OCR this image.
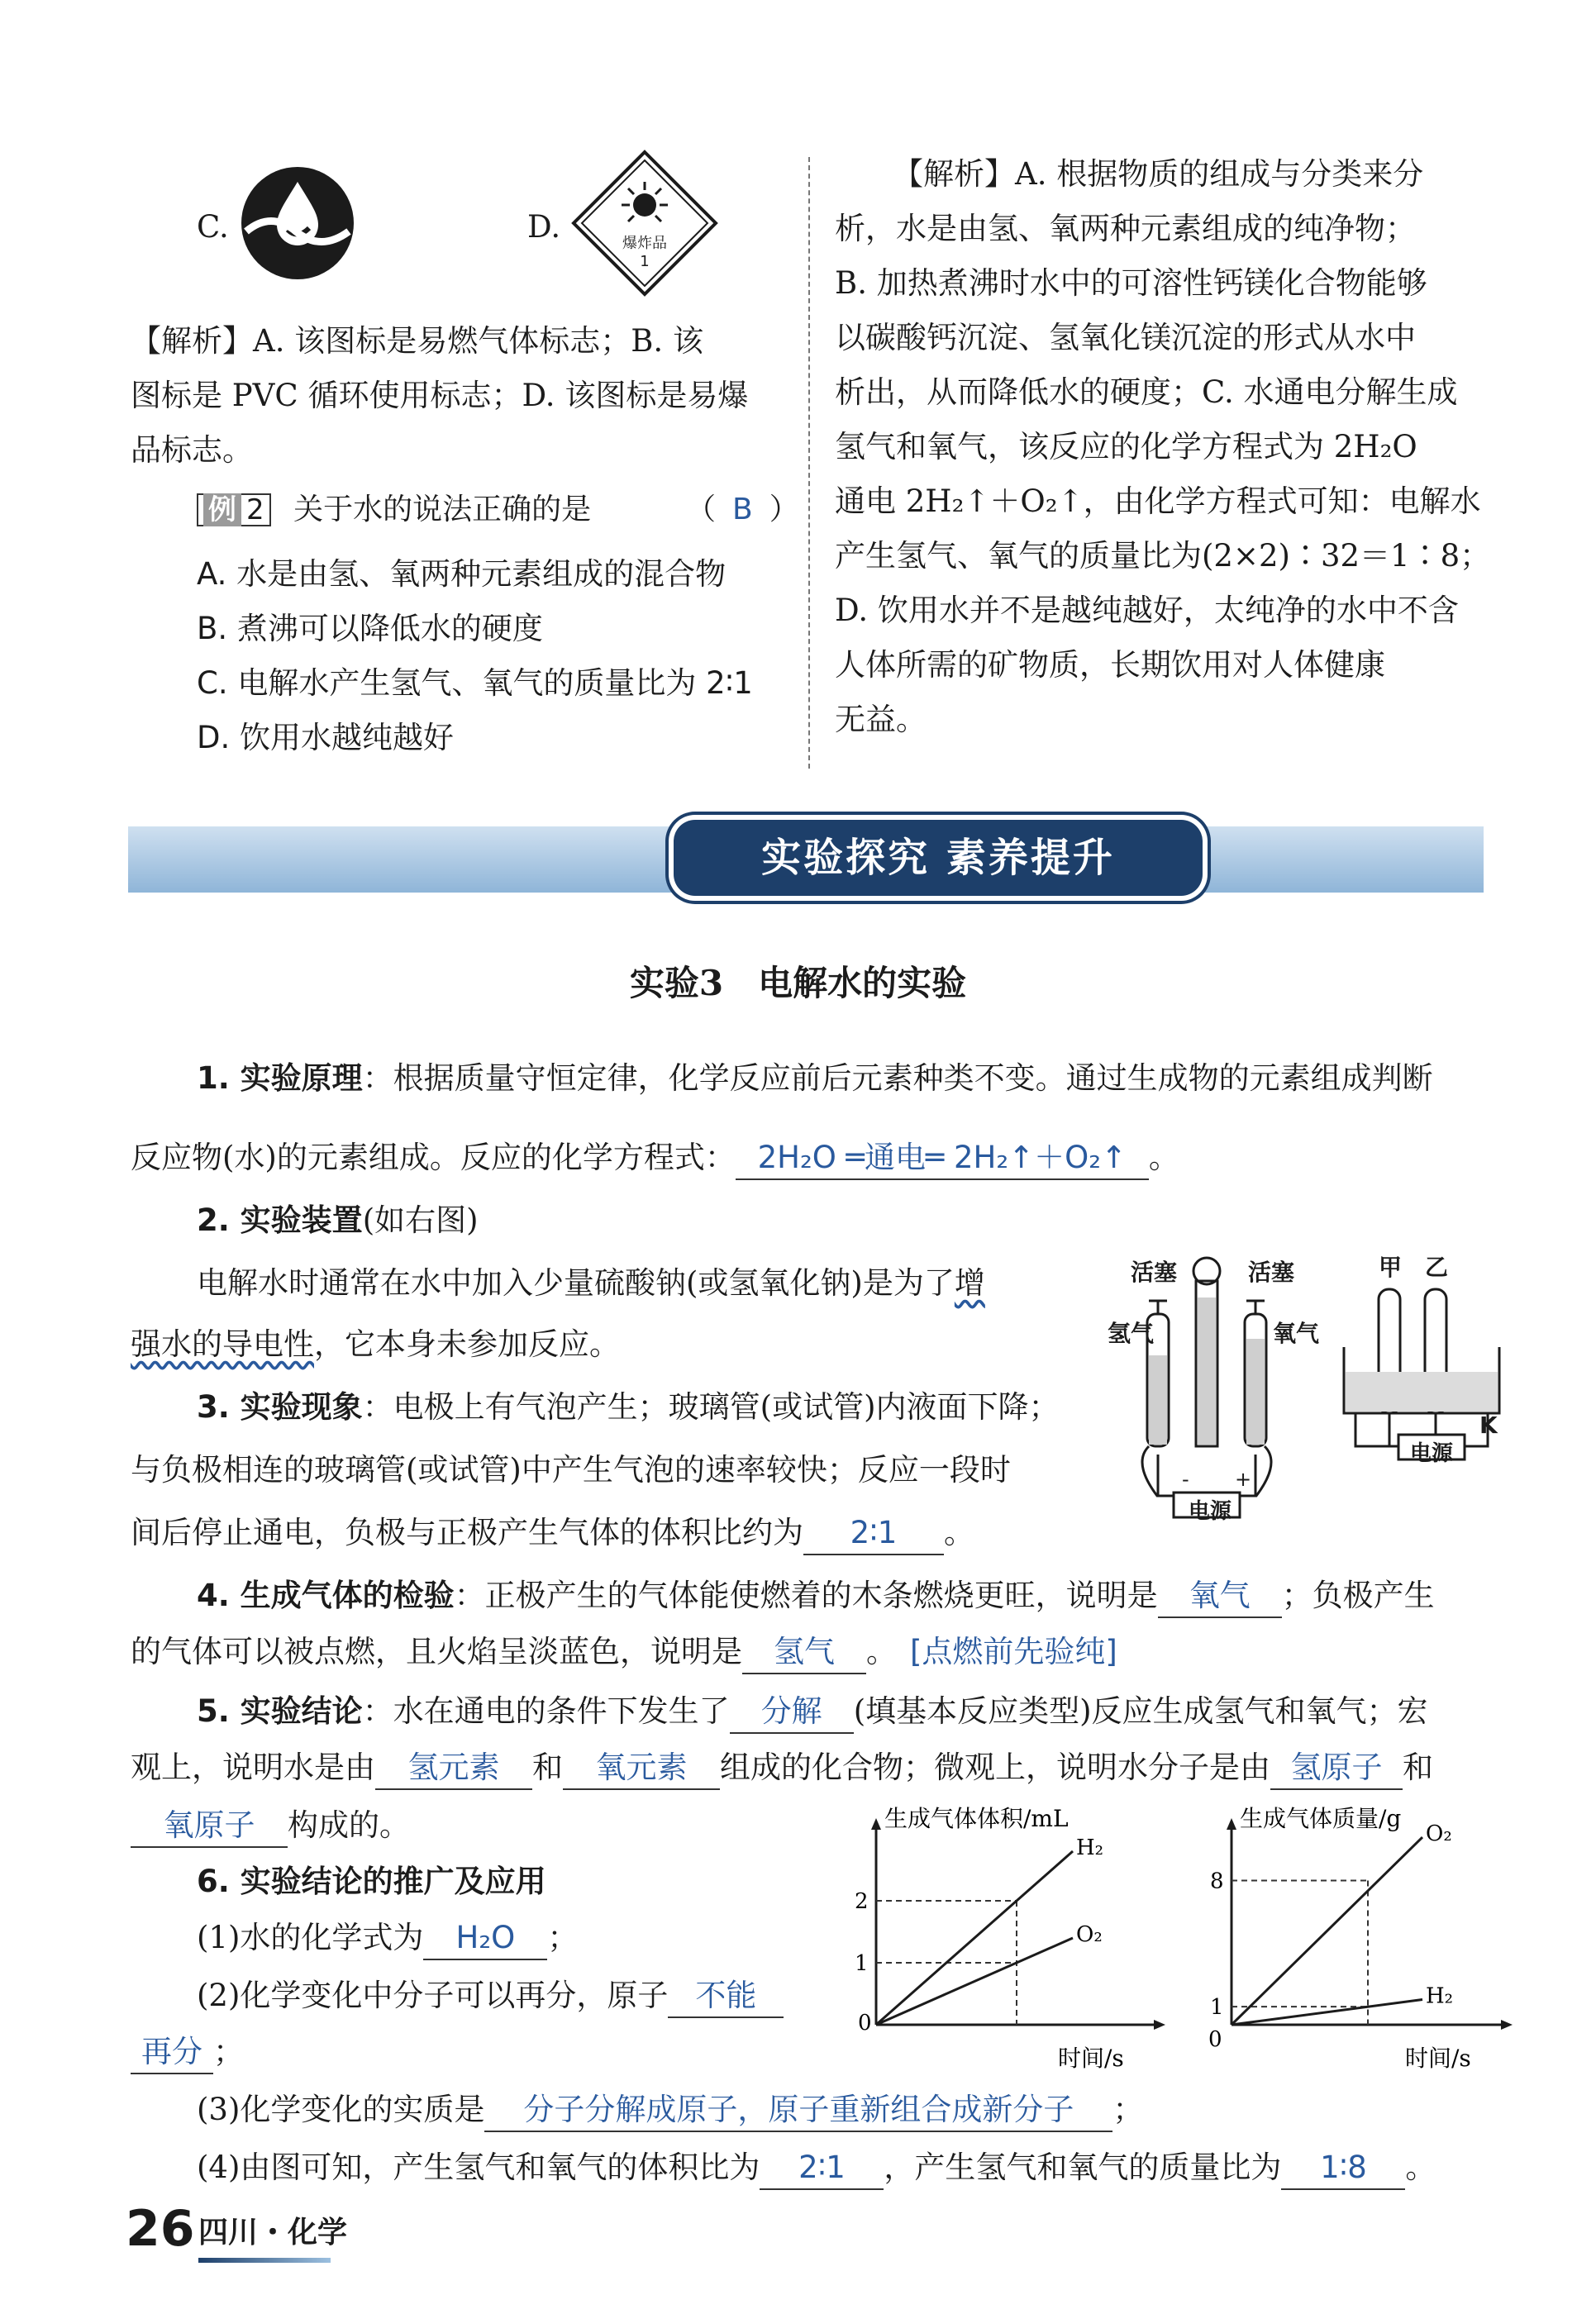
C.	D.	爆炸品
1
【解析】A. 该图标是易燃气体标志；B. 该
图标是 PVC 循环使用标志；D. 该图标是易爆
品标志。
例 2 关于水的说法正确的是	（ B ）
A. 水是由氢、氧两种元素组成的混合物
B. 煮沸可以降低水的硬度
C. 电解水产生氢气、氧气的质量比为 2∶1
D. 饮用水越纯越好
【解析】A. 根据物质的组成与分类来分
析，水是由氢、氧两种元素组成的纯净物；
B. 加热煮沸时水中的可溶性钙镁化合物能够
以碳酸钙沉淀、氢氧化镁沉淀的形式从水中
析出，从而降低水的硬度；C. 水通电分解生成
氢气和氧气，该反应的化学方程式为 2H₂O
通电 2H₂↑＋O₂↑，由化学方程式可知：电解水
产生氢气、氧气的质量比为(2×2)∶32＝1∶8；
D. 饮用水并不是越纯越好，太纯净的水中不含
人体所需的矿物质，长期饮用对人体健康
无益。
实验探究 素养提升
实验3　电解水的实验
1. 实验原理：根据质量守恒定律，化学反应前后元素种类不变。通过生成物的元素组成判断
反应物(水)的元素组成。反应的化学方程式： 2H₂O ═通电═ 2H₂↑＋O₂↑ 。
2. 实验装置(如右图)
电解水时通常在水中加入少量硫酸钠(或氢氧化钠)是为了增
强水的导电性，它本身未参加反应。
3. 实验现象：电极上有气泡产生；玻璃管(或试管)内液面下降；
与负极相连的玻璃管(或试管)中产生气泡的速率较快；反应一段时
间后停止通电，负极与正极产生气体的体积比约为 2∶1 。
活塞	活塞
氢气	氧气
- +
电源
甲 乙
电源
K
4. 生成气体的检验：正极产生的气体能使燃着的木条燃烧更旺，说明是 氧气 ；负极产生
的气体可以被点燃，且火焰呈淡蓝色，说明是 氢气 。 [点燃前先验纯]
5. 实验结论：水在通电的条件下发生了 分解 (填基本反应类型)反应生成氢气和氧气；宏
观上，说明水是由 氢元素 和 氧元素 组成的化合物；微观上，说明水分子是由 氢原子 和
氧原子 构成的。
6. 实验结论的推广及应用
(1)水的化学式为 H₂O ；
(2)化学变化中分子可以再分，原子 不能
再分 ；
(3)化学变化的实质是 分子分解成原子，原子重新组合成新分子 ；
(4)由图可知，产生氢气和氧气的体积比为 2∶1 ，产生氢气和氧气的质量比为 1∶8 。
生成气体体积/mL
时间/s
0
1
2
H₂
O₂
生成气体质量/g
时间/s
0
1
8
O₂
H₂
26 四川・化学
